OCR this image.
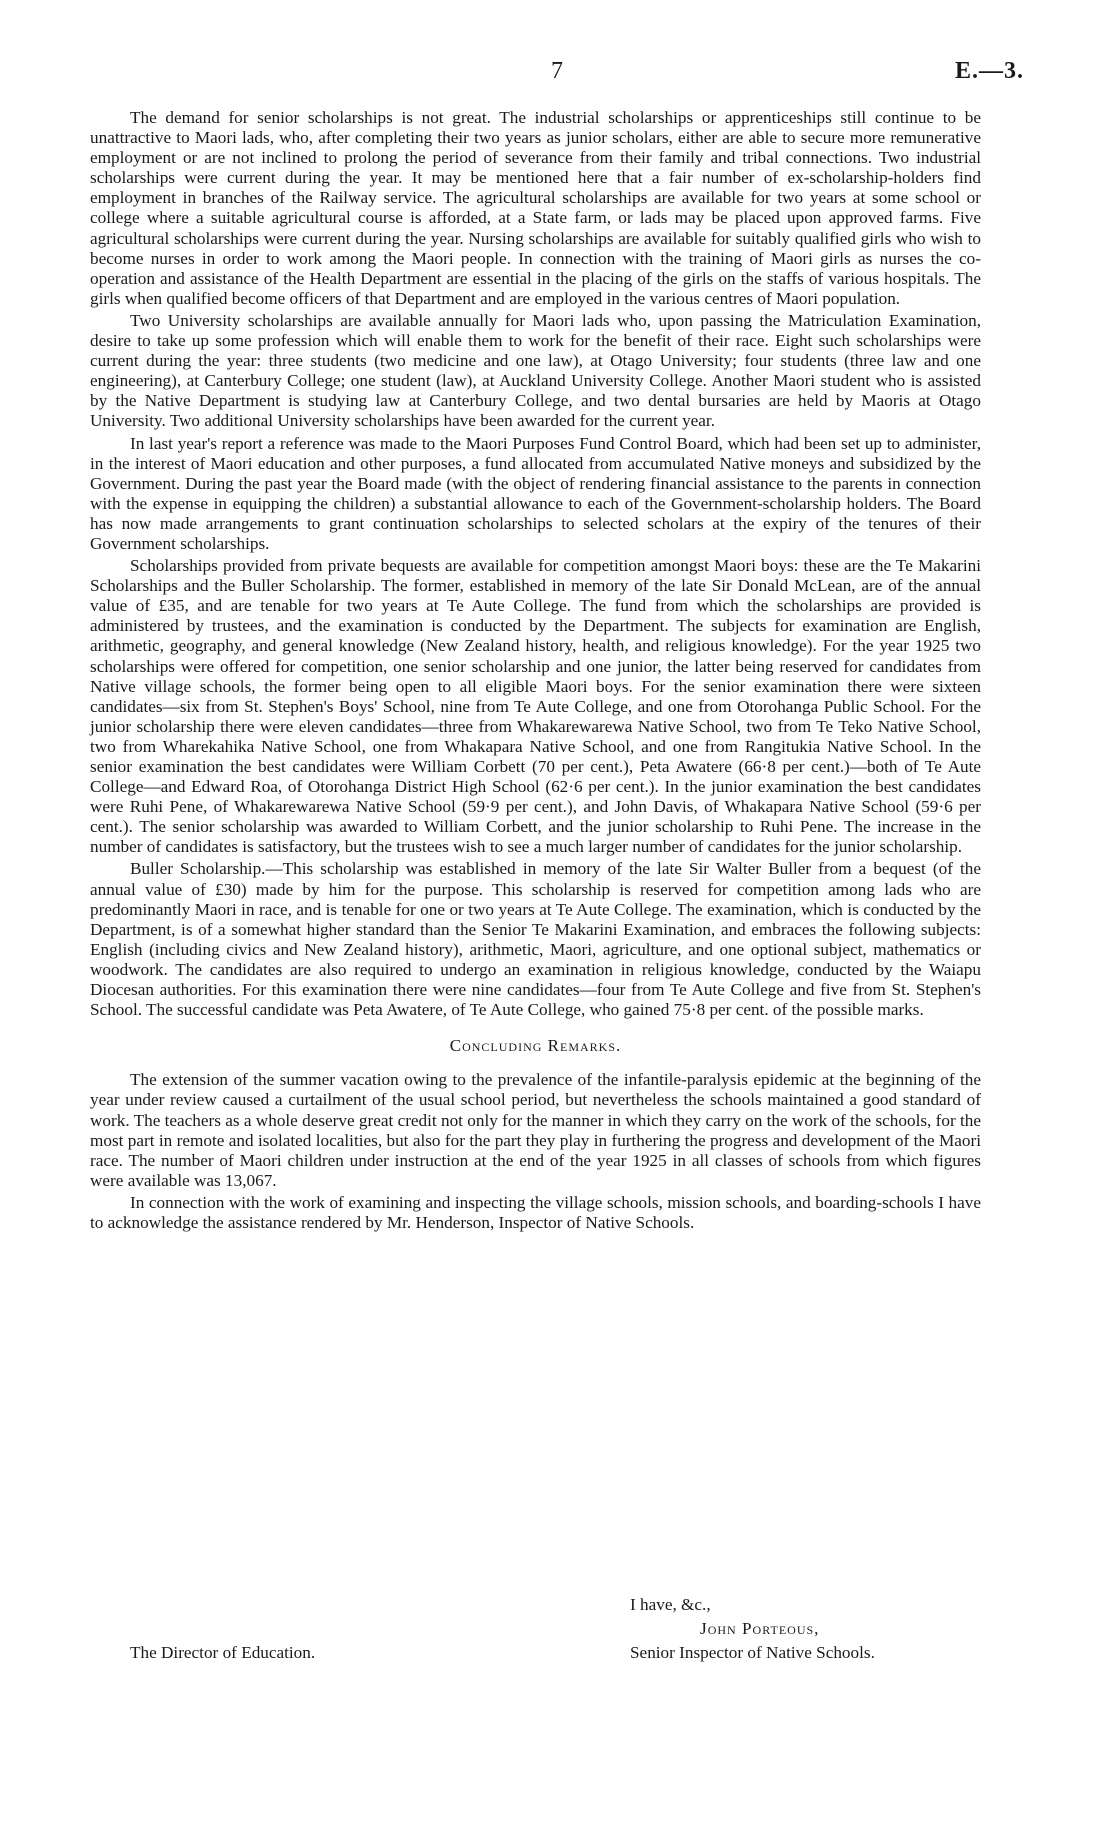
7	E.—3.

The demand for senior scholarships is not great. The industrial scholarships or apprenticeships still continue to be unattractive to Maori lads, who, after completing their two years as junior scholars, either are able to secure more remunerative employment or are not inclined to prolong the period of severance from their family and tribal connections. Two industrial scholarships were current during the year. It may be mentioned here that a fair number of ex-scholarship-holders find employment in branches of the Railway service. The agricultural scholarships are available for two years at some school or college where a suitable agricultural course is afforded, at a State farm, or lads may be placed upon approved farms. Five agricultural scholarships were current during the year. Nursing scholarships are available for suitably qualified girls who wish to become nurses in order to work among the Maori people. In connection with the training of Maori girls as nurses the co-operation and assistance of the Health Department are essential in the placing of the girls on the staffs of various hospitals. The girls when qualified become officers of that Department and are employed in the various centres of Maori population.

Two University scholarships are available annually for Maori lads who, upon passing the Matriculation Examination, desire to take up some profession which will enable them to work for the benefit of their race. Eight such scholarships were current during the year: three students (two medicine and one law), at Otago University; four students (three law and one engineering), at Canterbury College; one student (law), at Auckland University College. Another Maori student who is assisted by the Native Department is studying law at Canterbury College, and two dental bursaries are held by Maoris at Otago University. Two additional University scholarships have been awarded for the current year.

In last year's report a reference was made to the Maori Purposes Fund Control Board, which had been set up to administer, in the interest of Maori education and other purposes, a fund allocated from accumulated Native moneys and subsidized by the Government. During the past year the Board made (with the object of rendering financial assistance to the parents in connection with the expense in equipping the children) a substantial allowance to each of the Government-scholarship holders. The Board has now made arrangements to grant continuation scholarships to selected scholars at the expiry of the tenures of their Government scholarships.

Scholarships provided from private bequests are available for competition amongst Maori boys: these are the Te Makarini Scholarships and the Buller Scholarship. The former, established in memory of the late Sir Donald McLean, are of the annual value of £35, and are tenable for two years at Te Aute College. The fund from which the scholarships are provided is administered by trustees, and the examination is conducted by the Department. The subjects for examination are English, arithmetic, geography, and general knowledge (New Zealand history, health, and religious knowledge). For the year 1925 two scholarships were offered for competition, one senior scholarship and one junior, the latter being reserved for candidates from Native village schools, the former being open to all eligible Maori boys. For the senior examination there were sixteen candidates—six from St. Stephen's Boys' School, nine from Te Aute College, and one from Otorohanga Public School. For the junior scholarship there were eleven candidates—three from Whakarewarewa Native School, two from Te Teko Native School, two from Wharekahika Native School, one from Whakapara Native School, and one from Rangitukia Native School. In the senior examination the best candidates were William Corbett (70 per cent.), Peta Awatere (66·8 per cent.)—both of Te Aute College—and Edward Roa, of Otorohanga District High School (62·6 per cent.). In the junior examination the best candidates were Ruhi Pene, of Whakarewarewa Native School (59·9 per cent.), and John Davis, of Whakapara Native School (59·6 per cent.). The senior scholarship was awarded to William Corbett, and the junior scholarship to Ruhi Pene. The increase in the number of candidates is satisfactory, but the trustees wish to see a much larger number of candidates for the junior scholarship.

Buller Scholarship.—This scholarship was established in memory of the late Sir Walter Buller from a bequest (of the annual value of £30) made by him for the purpose. This scholarship is reserved for competition among lads who are predominantly Maori in race, and is tenable for one or two years at Te Aute College. The examination, which is conducted by the Department, is of a somewhat higher standard than the Senior Te Makarini Examination, and embraces the following subjects: English (including civics and New Zealand history), arithmetic, Maori, agriculture, and one optional subject, mathematics or woodwork. The candidates are also required to undergo an examination in religious knowledge, conducted by the Waiapu Diocesan authorities. For this examination there were nine candidates—four from Te Aute College and five from St. Stephen's School. The successful candidate was Peta Awatere, of Te Aute College, who gained 75·8 per cent. of the possible marks.

Concluding Remarks.

The extension of the summer vacation owing to the prevalence of the infantile-paralysis epidemic at the beginning of the year under review caused a curtailment of the usual school period, but nevertheless the schools maintained a good standard of work. The teachers as a whole deserve great credit not only for the manner in which they carry on the work of the schools, for the most part in remote and isolated localities, but also for the part they play in furthering the progress and development of the Maori race. The number of Maori children under instruction at the end of the year 1925 in all classes of schools from which figures were available was 13,067.

In connection with the work of examining and inspecting the village schools, mission schools, and boarding-schools I have to acknowledge the assistance rendered by Mr. Henderson, Inspector of Native Schools.

I have, &c.,
John Porteous,
The Director of Education.	Senior Inspector of Native Schools.
